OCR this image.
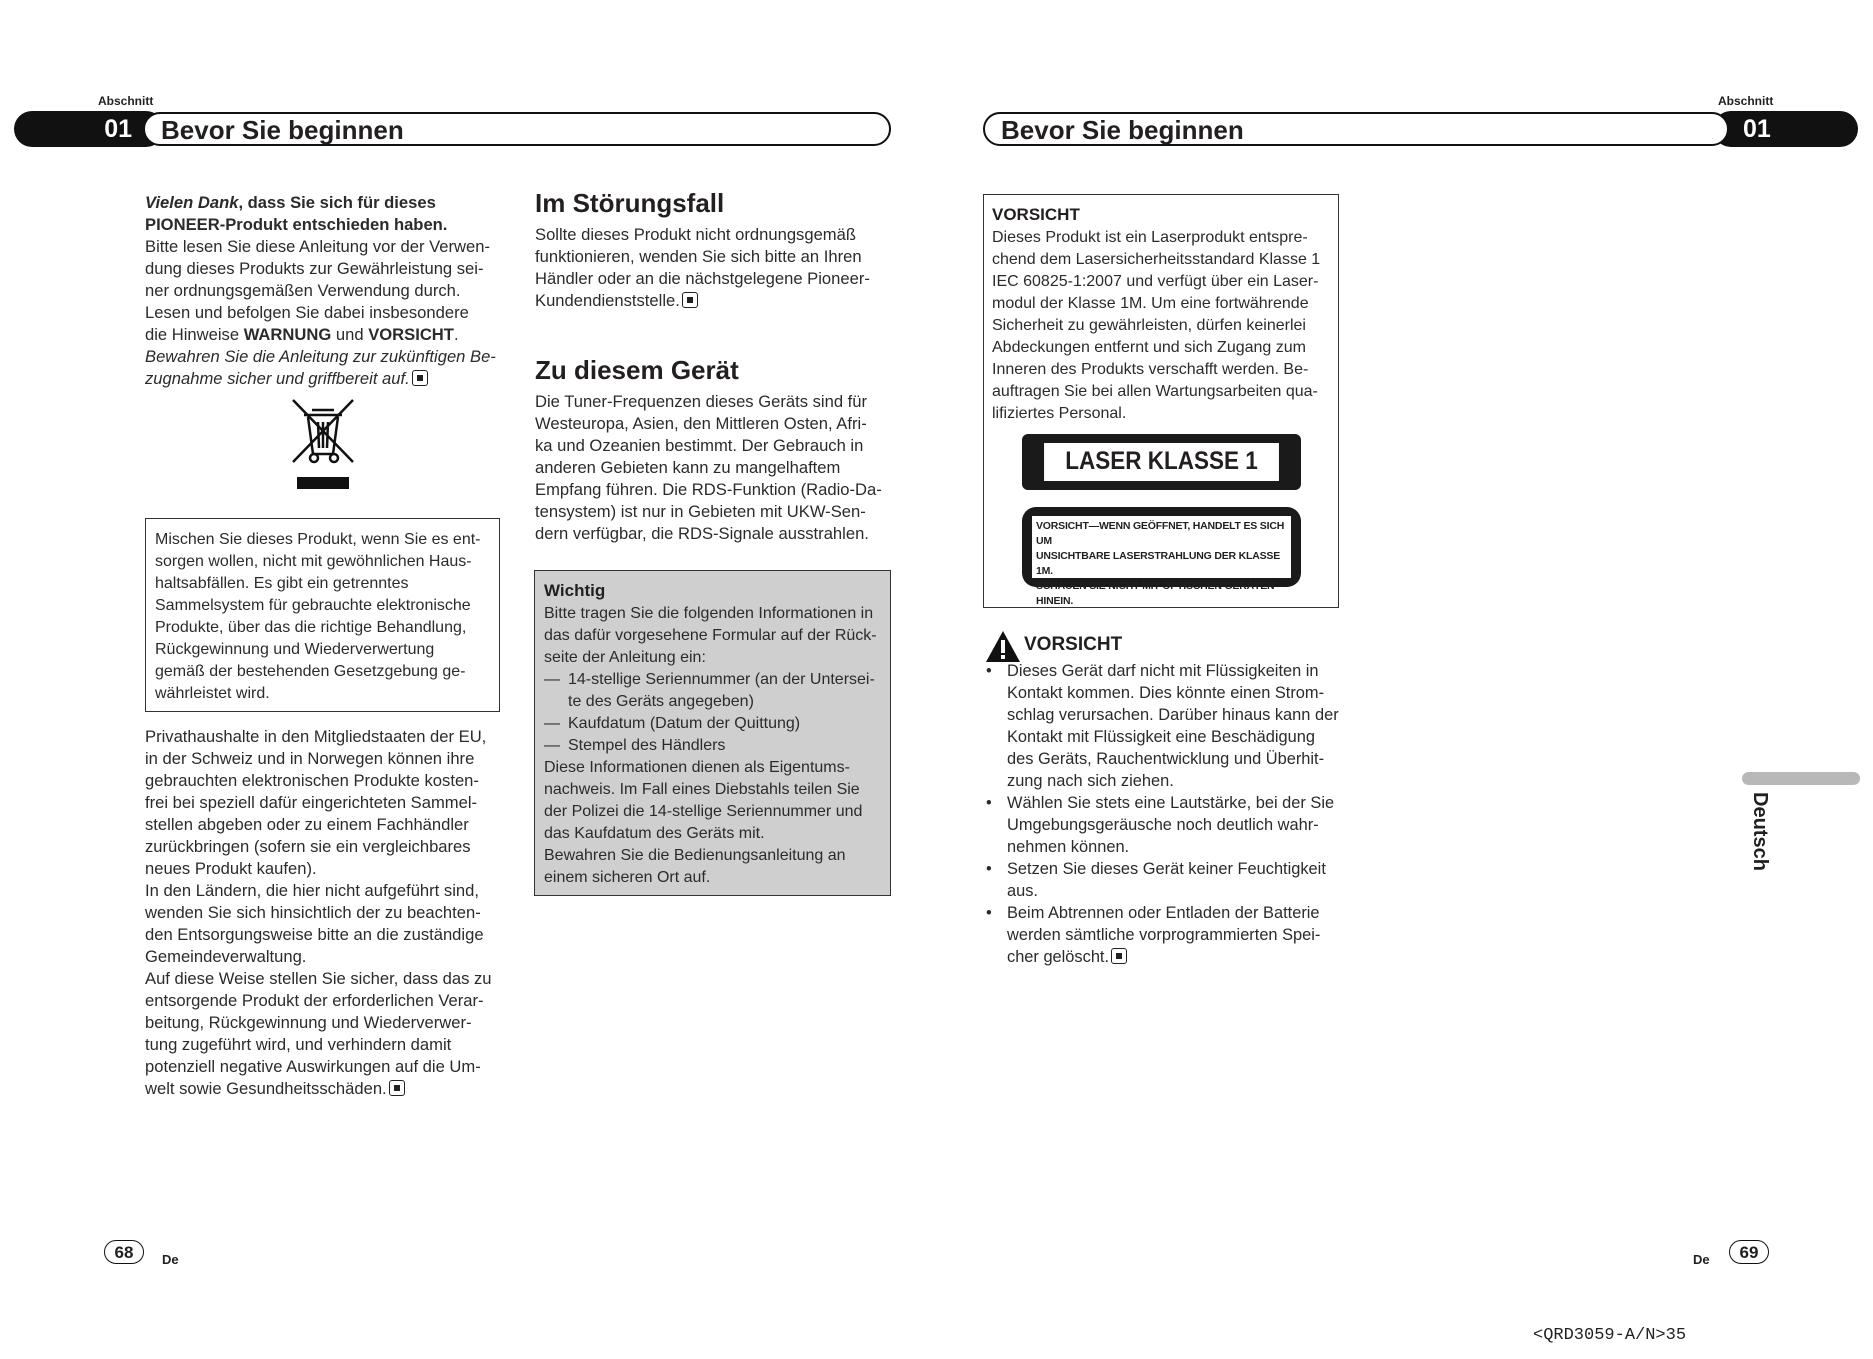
Abschnitt
01	Bevor Sie beginnen

Vielen Dank, dass Sie sich für dieses

PIONEER-Produkt entschieden haben.

Bitte lesen Sie diese Anleitung vor der Verwen-

dung dieses Produkts zur Gewährleistung sei-

ner ordnungsgemäßen Verwendung durch.

Lesen und befolgen Sie dabei insbesondere

die Hinweise WARNUNG und VORSICHT.

Bewahren Sie die Anleitung zur zukünftigen Be-

zugnahme sicher und griffbereit auf.

Mischen Sie dieses Produkt, wenn Sie es ent-

sorgen wollen, nicht mit gewöhnlichen Haus-

haltsabfällen. Es gibt ein getrenntes

Sammelsystem für gebrauchte elektronische

Produkte, über das die richtige Behandlung,

Rückgewinnung und Wiederverwertung

gemäß der bestehenden Gesetzgebung ge-

währleistet wird.

Privathaushalte in den Mitgliedstaaten der EU,

in der Schweiz und in Norwegen können ihre

gebrauchten elektronischen Produkte kosten-

frei bei speziell dafür eingerichteten Sammel-

stellen abgeben oder zu einem Fachhändler

zurückbringen (sofern sie ein vergleichbares

neues Produkt kaufen).

In den Ländern, die hier nicht aufgeführt sind,

wenden Sie sich hinsichtlich der zu beachten-

den Entsorgungsweise bitte an die zuständige

Gemeindeverwaltung.

Auf diese Weise stellen Sie sicher, dass das zu

entsorgende Produkt der erforderlichen Verar-

beitung, Rückgewinnung und Wiederverwer-

tung zugeführt wird, und verhindern damit

potenziell negative Auswirkungen auf die Um-

welt sowie Gesundheitsschäden.

Im Störungsfall

Sollte dieses Produkt nicht ordnungsgemäß

funktionieren, wenden Sie sich bitte an Ihren

Händler oder an die nächstgelegene Pioneer-

Kundendienststelle.

Zu diesem Gerät

Die Tuner-Frequenzen dieses Geräts sind für

Westeuropa, Asien, den Mittleren Osten, Afri-

ka und Ozeanien bestimmt. Der Gebrauch in

anderen Gebieten kann zu mangelhaftem

Empfang führen. Die RDS-Funktion (Radio-Da-

tensystem) ist nur in Gebieten mit UKW-Sen-

dern verfügbar, die RDS-Signale ausstrahlen.

Wichtig

Bitte tragen Sie die folgenden Informationen in

das dafür vorgesehene Formular auf der Rück-

seite der Anleitung ein:

— 14-stellige Seriennummer (an der Untersei-

te des Geräts angegeben)

— Kaufdatum (Datum der Quittung)

— Stempel des Händlers

Diese Informationen dienen als Eigentums-

nachweis. Im Fall eines Diebstahls teilen Sie

der Polizei die 14-stellige Seriennummer und

das Kaufdatum des Geräts mit.

Bewahren Sie die Bedienungsanleitung an

einem sicheren Ort auf.

68	De
Abschnitt
01
Bevor Sie beginnen
VORSICHT

Dieses Produkt ist ein Laserprodukt entspre-

chend dem Lasersicherheitsstandard Klasse 1

IEC 60825-1:2007 und verfügt über ein Laser-

modul der Klasse 1M. Um eine fortwährende

Sicherheit zu gewährleisten, dürfen keinerlei

Abdeckungen entfernt und sich Zugang zum

Inneren des Produkts verschafft werden. Be-

auftragen Sie bei allen Wartungsarbeiten qua-

lifiziertes Personal.

LASER KLASSE 1
VORSICHT—WENN GEÖFFNET, HANDELT ES SICH UM
UNSICHTBARE LASERSTRAHLUNG DER KLASSE 1M.
SCHAUEN SIE NICHT MIT OPTISCHEN GERÄTEN HINEIN.
VORSICHT
• Dieses Gerät darf nicht mit Flüssigkeiten in
Kontakt kommen. Dies könnte einen Strom-
schlag verursachen. Darüber hinaus kann der
Kontakt mit Flüssigkeit eine Beschädigung
des Geräts, Rauchentwicklung und Überhit-
zung nach sich ziehen.
• Wählen Sie stets eine Lautstärke, bei der Sie
Umgebungsgeräusche noch deutlich wahr-
nehmen können.
• Setzen Sie dieses Gerät keiner Feuchtigkeit
aus.
• Beim Abtrennen oder Entladen der Batterie
werden sämtliche vorprogrammierten Spei-
cher gelöscht.
Deutsch
De	69
<QRD3059-A/N>35
